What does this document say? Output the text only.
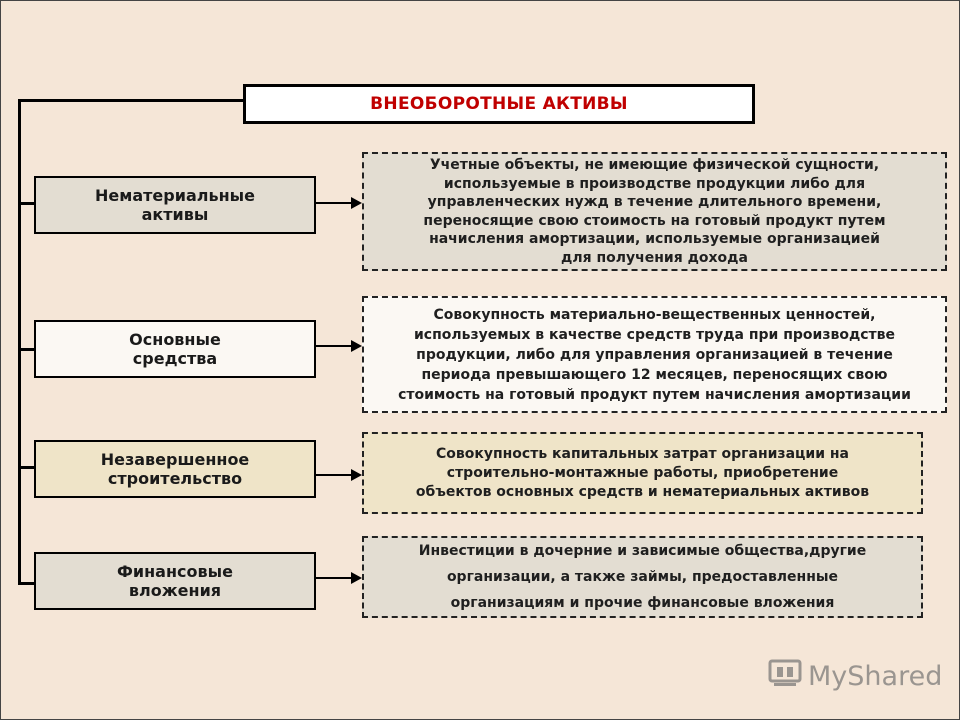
ВНЕОБОРОТНЫЕ АКТИВЫ
Нематериальные
активы
Основные
средства
Незавершенное
строительство
Финансовые
вложения
Учетные объекты, не имеющие физической сущности,
используемые в производстве продукции либо для
управленческих нужд в течение длительного времени,
переносящие свою стоимость на готовый продукт путем
начисления амортизации, используемые организацией
для получения дохода
Совокупность материально-вещественных ценностей,
используемых в качестве средств труда при производстве
продукции, либо для управления организацией в течение
периода превышающего 12 месяцев, переносящих свою
стоимость на готовый продукт путем начисления амортизации
Совокупность капитальных затрат организации на
строительно-монтажные работы, приобретение
объектов основных средств и нематериальных активов
Инвестиции в дочерние и зависимые общества,другие
организации, а также займы, предоставленные
организациям и прочие финансовые вложения
MyShared
